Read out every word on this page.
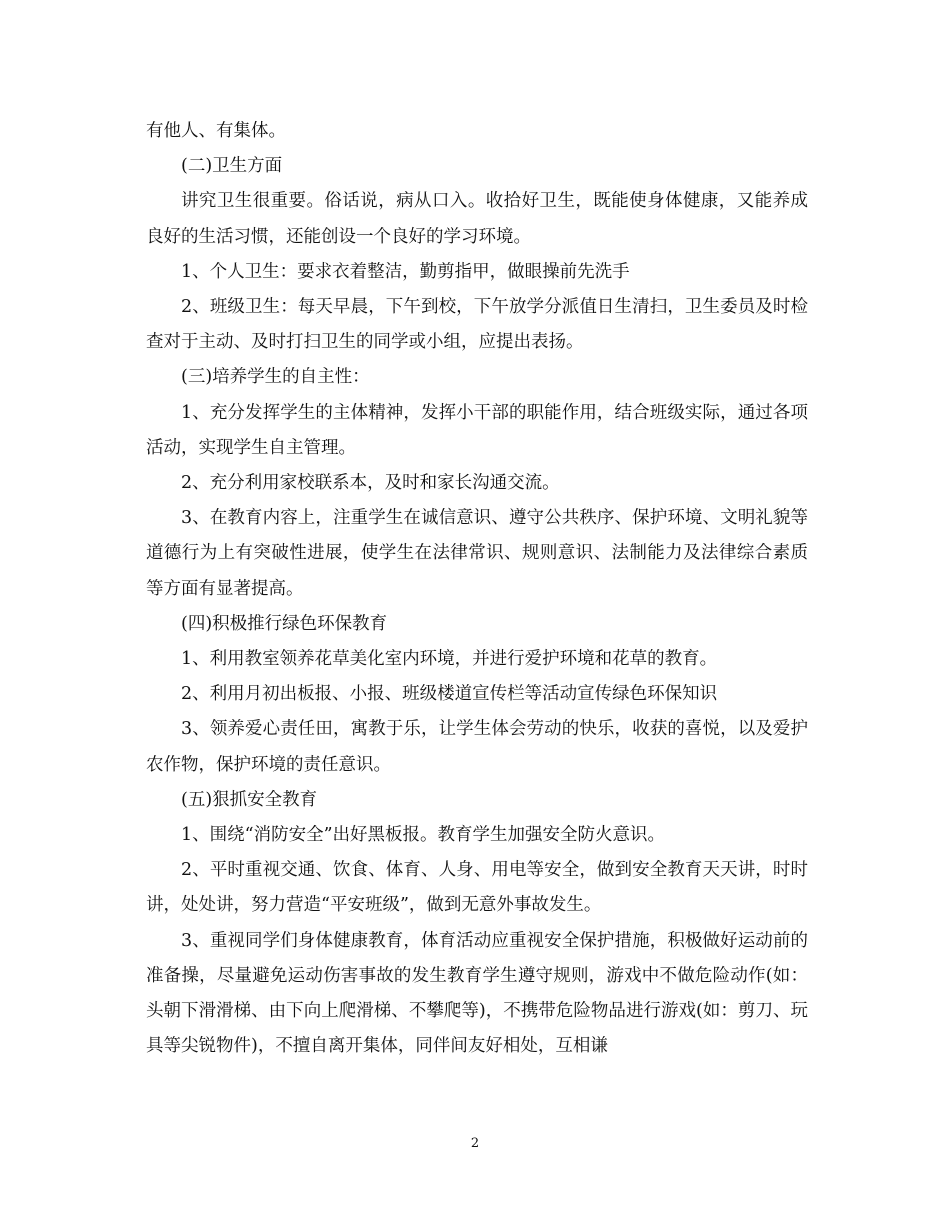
有他人、有集体。

(二)卫生方面

讲究卫生很重要。俗话说，病从口入。收拾好卫生，既能使身体健康，又能养成良好的生活习惯，还能创设一个良好的学习环境。

1、个人卫生：要求衣着整洁，勤剪指甲，做眼操前先洗手

2、班级卫生：每天早晨，下午到校，下午放学分派值日生清扫，卫生委员及时检查对于主动、及时打扫卫生的同学或小组，应提出表扬。

(三)培养学生的自主性：

1、充分发挥学生的主体精神，发挥小干部的职能作用，结合班级实际，通过各项活动，实现学生自主管理。

2、充分利用家校联系本，及时和家长沟通交流。

3、在教育内容上，注重学生在诚信意识、遵守公共秩序、保护环境、文明礼貌等道德行为上有突破性进展，使学生在法律常识、规则意识、法制能力及法律综合素质等方面有显著提高。

(四)积极推行绿色环保教育

1、利用教室领养花草美化室内环境，并进行爱护环境和花草的教育。

2、利用月初出板报、小报、班级楼道宣传栏等活动宣传绿色环保知识

3、领养爱心责任田，寓教于乐，让学生体会劳动的快乐，收获的喜悦，以及爱护农作物，保护环境的责任意识。

(五)狠抓安全教育

1、围绕“消防安全”出好黑板报。教育学生加强安全防火意识。

2、平时重视交通、饮食、体育、人身、用电等安全，做到安全教育天天讲，时时讲，处处讲，努力营造“平安班级”，做到无意外事故发生。

3、重视同学们身体健康教育，体育活动应重视安全保护措施，积极做好运动前的准备操，尽量避免运动伤害事故的发生教育学生遵守规则，游戏中不做危险动作(如：头朝下滑滑梯、由下向上爬滑梯、不攀爬等)，不携带危险物品进行游戏(如：剪刀、玩具等尖锐物件)，不擅自离开集体，同伴间友好相处，互相谦

2
